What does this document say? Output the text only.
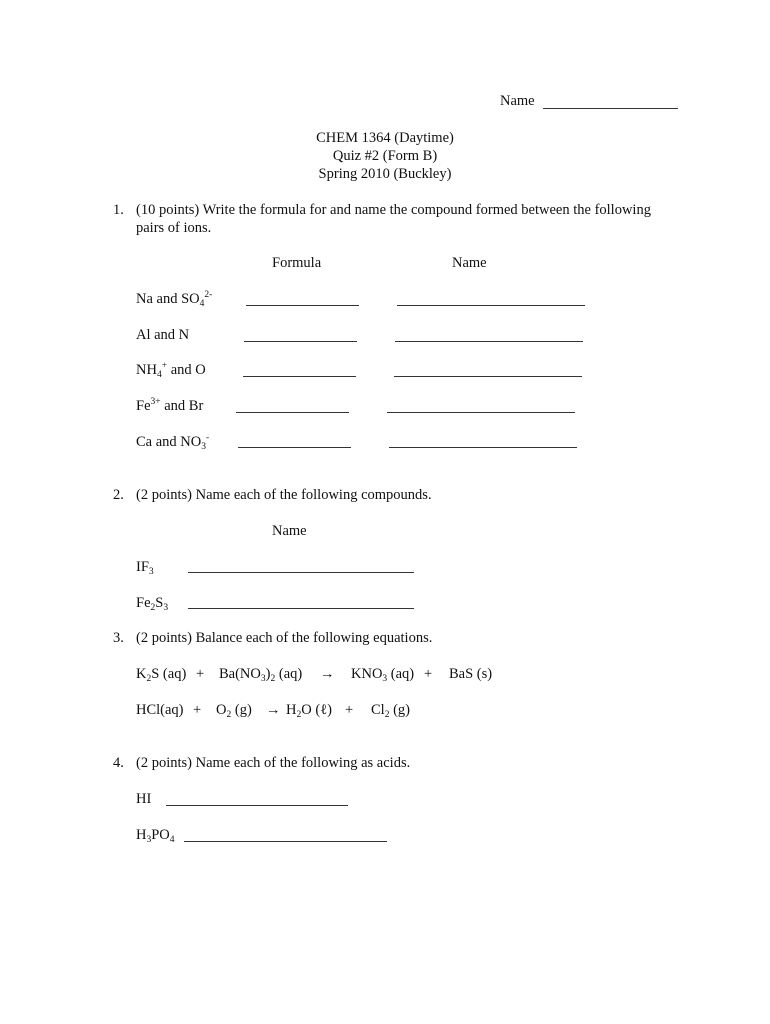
Name
CHEM 1364 (Daytime)
Quiz #2 (Form B)
Spring 2010 (Buckley)
1. (10 points) Write the formula for and name the compound formed between the following
pairs of ions.
Formula	Name
Na and $SO_4^{2-}$
Al and N
$NH_4^+$ and O
$Fe^{3+}$ and Br
Ca and $NO_3^-$
2. (2 points) Name each of the following compounds.
Name
$IF_3$
$Fe_2S_3$
3. (2 points) Balance each of the following equations.
$K_2S$ $(aq) + Ba(NO_3)_2$ $(aq) \to KNO_3$ (aq) + BaS (s)
$HCl(aq) + O_2$ $(g) \to H_2O$ (ℓ) + $Cl_2$ (g)
4. (2 points) Name each of the following as acids.
HI
$H_3PO_4$
